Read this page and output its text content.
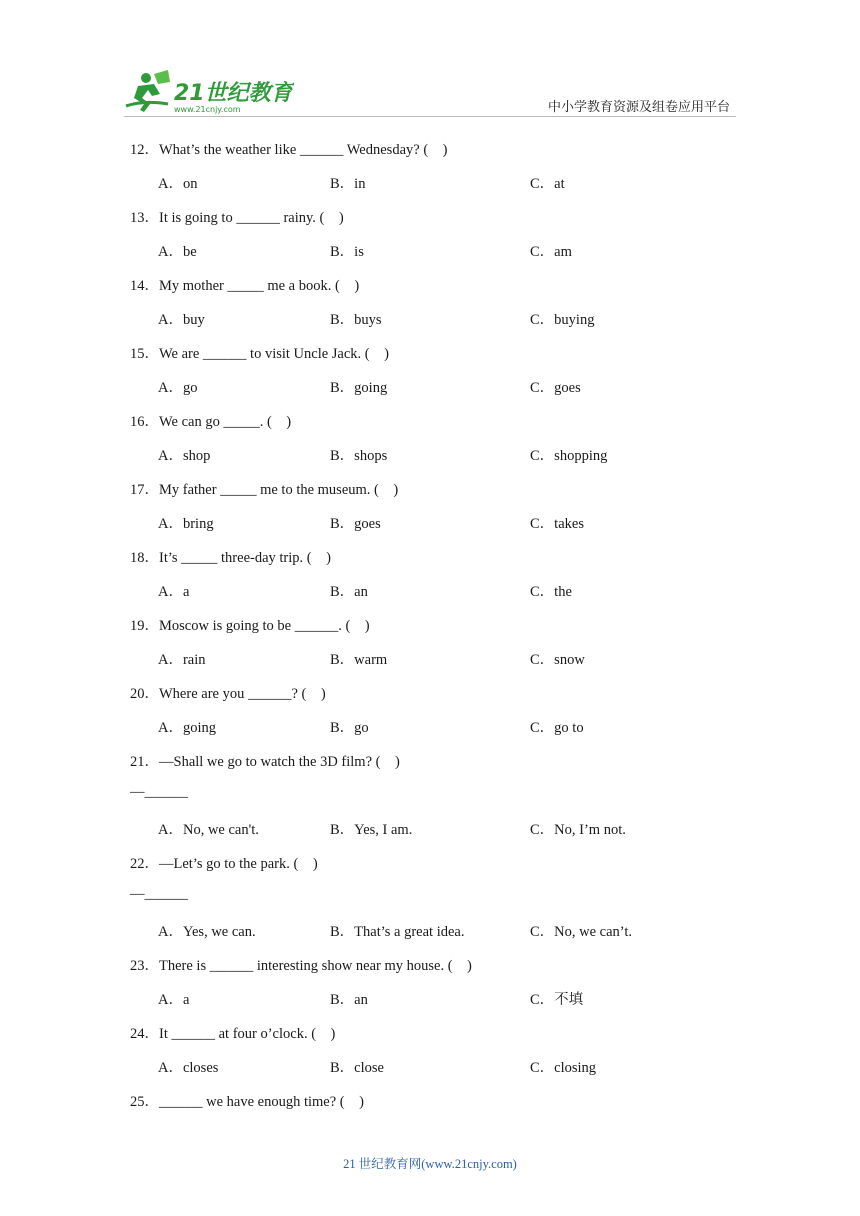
21世纪教育
www.21cnjy.com	中小学教育资源及组卷应用平台
12．What’s the weather like ______ Wednesday? (　)
A．on	B．in	C．at
13．It is going to ______ rainy. (　)
A．be	B．is	C．am
14．My mother _____ me a book. (　)
A．buy	B．buys	C．buying
15．We are ______ to visit Uncle Jack. (　)
A．go	B．going	C．goes
16．We can go _____. (　)
A．shop	B．shops	C．shopping
17．My father _____ me to the museum. (　)
A．bring	B．goes	C．takes
18．It’s _____ three-day trip. (　)
A．a	B．an	C．the
19．Moscow is going to be ______. (　)
A．rain	B．warm	C．snow
20．Where are you ______? (　)
A．going	B．go	C．go to
21．—Shall we go to watch the 3D film? (　)
—______
A．No, we can't.	B．Yes, I am.	C．No, I’m not.
22．—Let’s go to the park. (　)
—______
A．Yes, we can.	B．That’s a great idea.	C．No, we can’t.
23．There is ______ interesting show near my house. (　)
A．a	B．an	C．不填
24．It ______ at four o’clock. (　)
A．closes	B．close	C．closing
25．______ we have enough time? (　)
21 世纪教育网(www.21cnjy.com)
